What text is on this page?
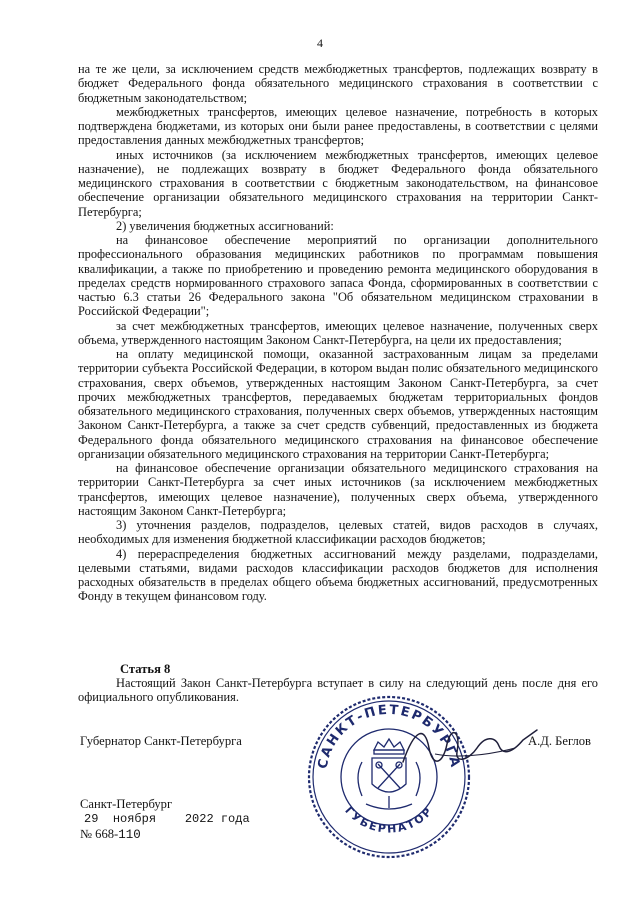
4

на те же цели, за исключением средств межбюджетных трансфертов, подлежащих возврату в бюджет Федерального фонда обязательного медицинского страхования в соответствии с бюджетным законодательством;

межбюджетных трансфертов, имеющих целевое назначение, потребность в которых подтверждена бюджетами, из которых они были ранее предоставлены, в соответствии с целями предоставления данных межбюджетных трансфертов;

иных источников (за исключением межбюджетных трансфертов, имеющих целевое назначение), не подлежащих возврату в бюджет Федерального фонда обязательного медицинского страхования в соответствии с бюджетным законодательством, на финансовое обеспечение организации обязательного медицинского страхования на территории Санкт-Петербурга;

2) увеличения бюджетных ассигнований:

на финансовое обеспечение мероприятий по организации дополнительного профессионального образования медицинских работников по программам повышения квалификации, а также по приобретению и проведению ремонта медицинского оборудования в пределах средств нормированного страхового запаса Фонда, сформированных в соответствии с частью 6.3 статьи 26 Федерального закона "Об обязательном медицинском страховании в Российской Федерации";

за счет межбюджетных трансфертов, имеющих целевое назначение, полученных сверх объема, утвержденного настоящим Законом Санкт-Петербурга, на цели их предоставления;

на оплату медицинской помощи, оказанной застрахованным лицам за пределами территории субъекта Российской Федерации, в котором выдан полис обязательного медицинского страхования, сверх объемов, утвержденных настоящим Законом Санкт-Петербурга, за счет прочих межбюджетных трансфертов, передаваемых бюджетам территориальных фондов обязательного медицинского страхования, полученных сверх объемов, утвержденных настоящим Законом Санкт-Петербурга, а также за счет средств субвенций, предоставленных из бюджета Федерального фонда обязательного медицинского страхования на финансовое обеспечение организации обязательного медицинского страхования на территории Санкт-Петербурга;

на финансовое обеспечение организации обязательного медицинского страхования на территории Санкт-Петербурга за счет иных источников (за исключением межбюджетных трансфертов, имеющих целевое назначение), полученных сверх объема, утвержденного настоящим Законом Санкт-Петербурга;

3) уточнения разделов, подразделов, целевых статей, видов расходов в случаях, необходимых для изменения бюджетной классификации расходов бюджетов;

4) перераспределения бюджетных ассигнований между разделами, подразделами, целевыми статьями, видами расходов классификации расходов бюджетов для исполнения расходных обязательств в пределах общего объема бюджетных ассигнований, предусмотренных Фонду в текущем финансовом году.

Статья 8

Настоящий Закон Санкт-Петербурга вступает в силу на следующий день после дня его официального опубликования.

Губернатор Санкт-Петербурга	А.Д. Беглов
Санкт-Петербург
29 ноября 2022 года
№ 668-110
САНКТ-ПЕТЕРБУРГА
ГУБЕРНАТОР
